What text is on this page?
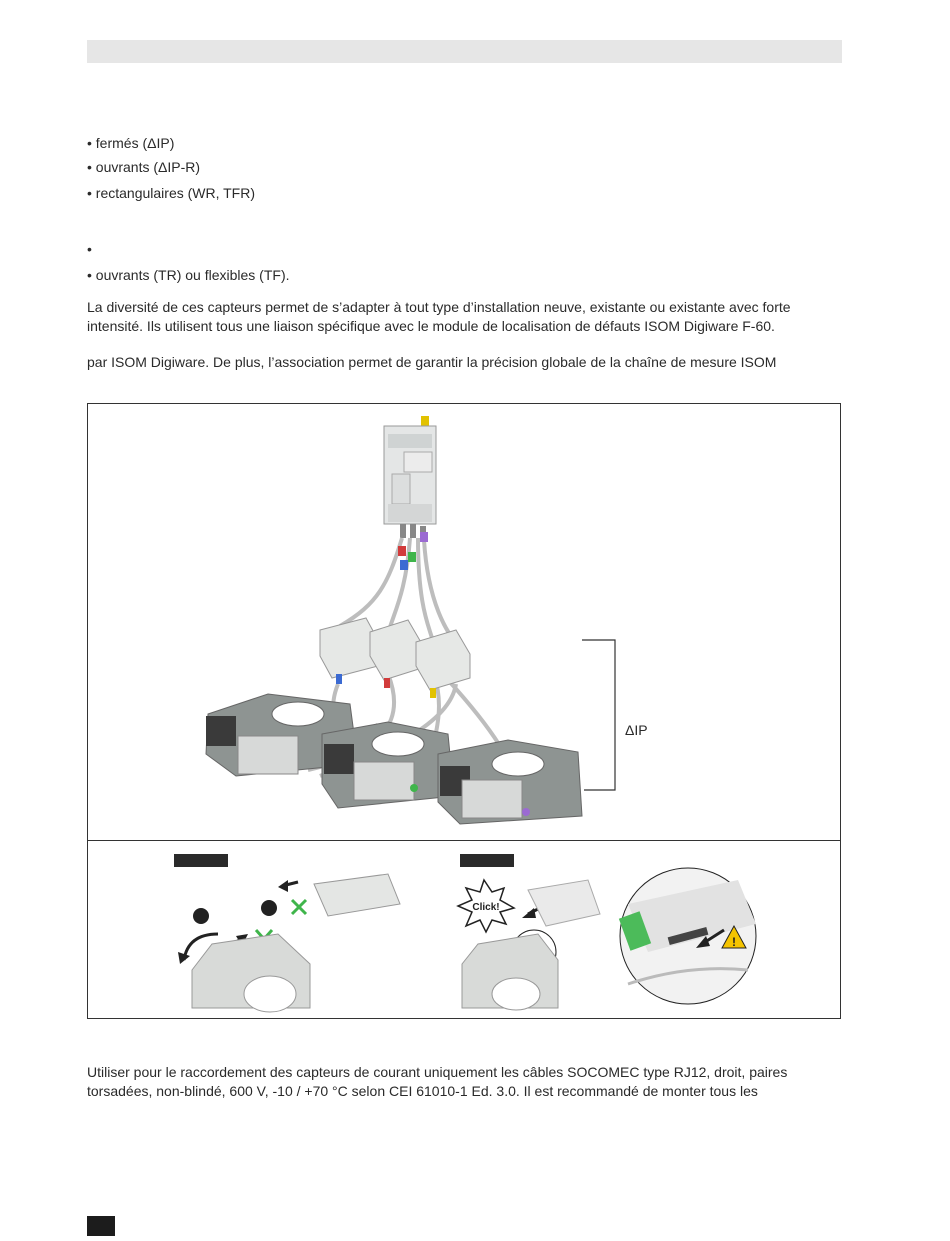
• fermés (ΔIP)
• ouvrants (ΔIP-R)
• rectangulaires (WR, TFR)
•
• ouvrants (TR) ou flexibles (TF).
La diversité de ces capteurs permet de s’adapter à tout type d’installation neuve, existante ou existante avec forte intensité. Ils utilisent tous une liaison spécifique avec le module de localisation de défauts ISOM Digiware F-60.
par ISOM Digiware. De plus, l’association permet de garantir la précision globale de la chaîne de mesure ISOM
Click!
!
ΔIP
Utiliser pour le raccordement des capteurs de courant uniquement les câbles SOCOMEC type RJ12, droit, paires torsadées, non-blindé, 600 V, -10 / +70 °C selon CEI 61010-1 Ed. 3.0. Il est recommandé de monter tous les
